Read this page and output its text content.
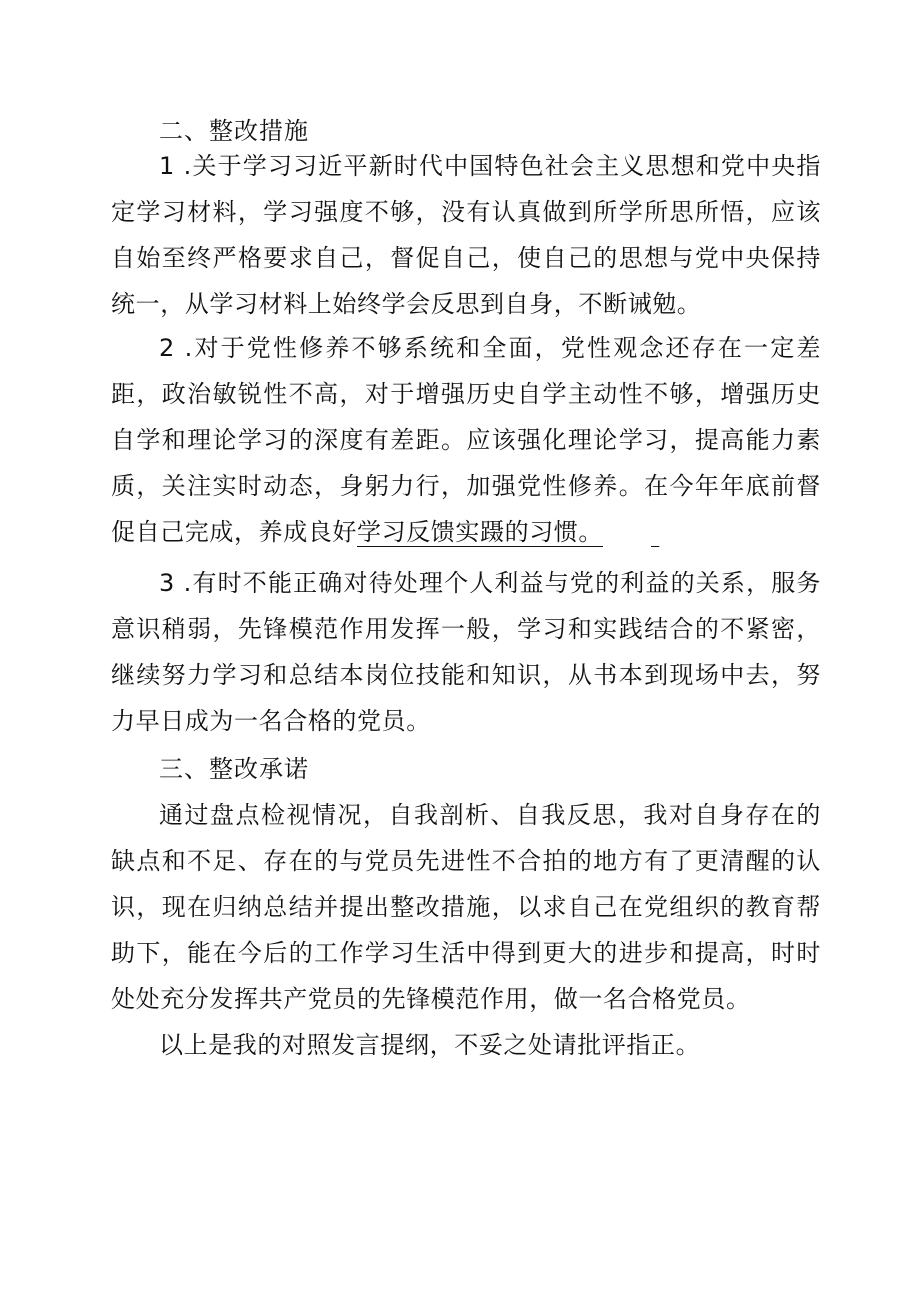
二、整改措施

1 .关于学习习近平新时代中国特色社会主义思想和党中央指定学习材料，学习强度不够，没有认真做到所学所思所悟，应该自始至终严格要求自己，督促自己，使自己的思想与党中央保持统一，从学习材料上始终学会反思到自身，不断诫勉。

2 .对于党性修养不够系统和全面，党性观念还存在一定差距，政治敏锐性不高，对于增强历史自学主动性不够，增强历史自学和理论学习的深度有差距。应该强化理论学习，提高能力素质，关注实时动态，身躬力行，加强党性修养。在今年年底前督促自己完成，养成良好学习反馈实蹑的习惯。

3 .有时不能正确对待处理个人利益与党的利益的关系，服务意识稍弱，先锋模范作用发挥一般，学习和实践结合的不紧密，继续努力学习和总结本岗位技能和知识，从书本到现场中去，努力早日成为一名合格的党员。

三、整改承诺

通过盘点检视情况，自我剖析、自我反思，我对自身存在的缺点和不足、存在的与党员先进性不合拍的地方有了更清醒的认识，现在归纳总结并提出整改措施，以求自己在党组织的教育帮助下，能在今后的工作学习生活中得到更大的进步和提高，时时处处充分发挥共产党员的先锋模范作用，做一名合格党员。

以上是我的对照发言提纲，不妥之处请批评指正。
